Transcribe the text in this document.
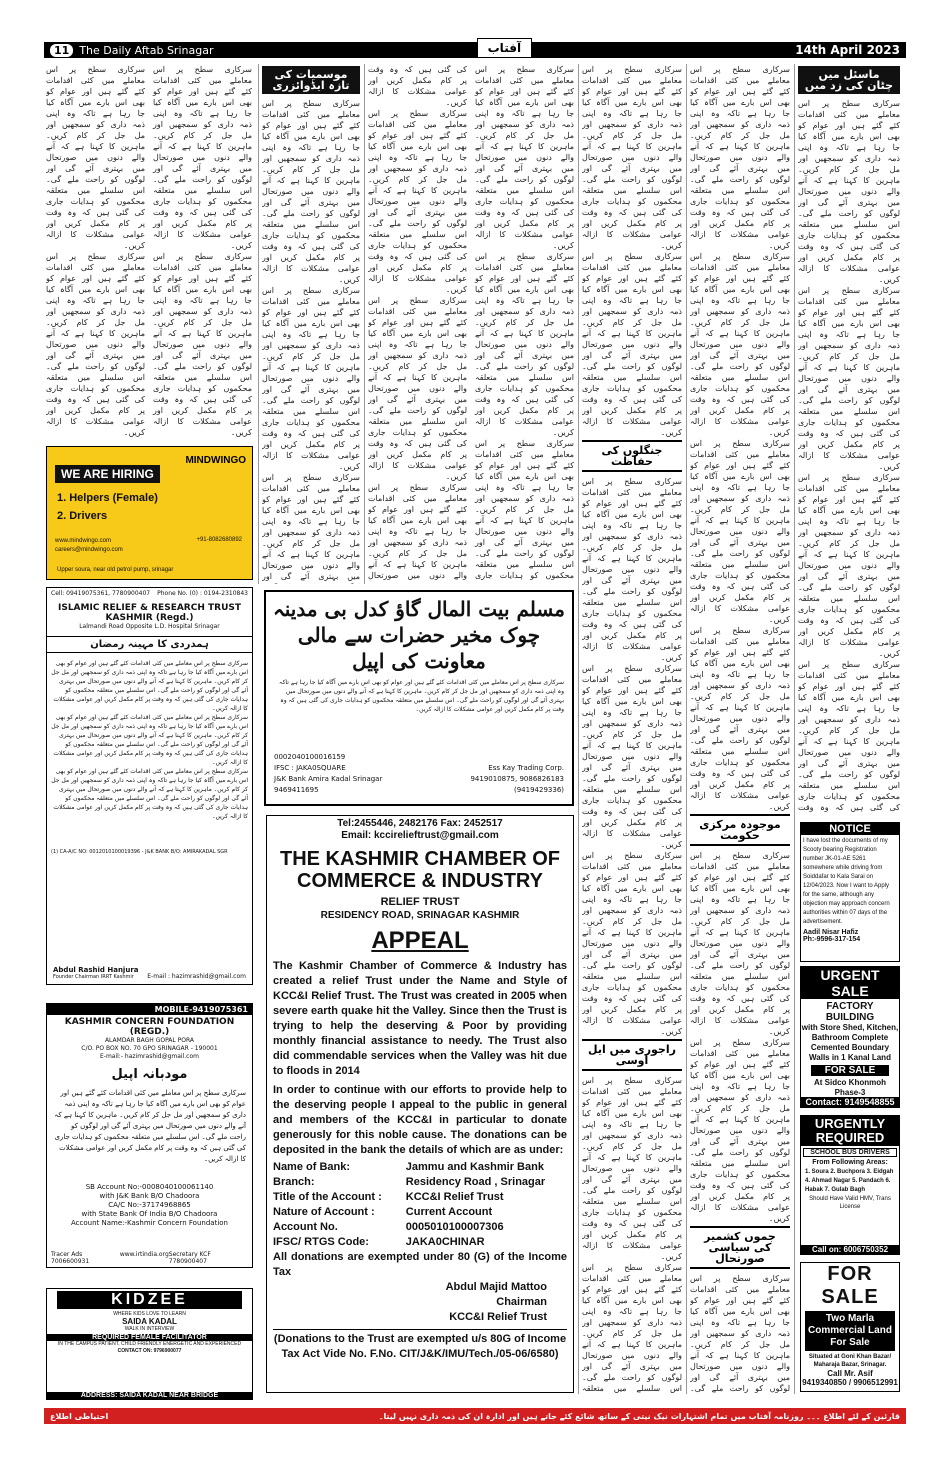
11 The Daily Aftab Srinagar	آفتاب	14th April 2023
ماسئل میں چٹان کی زد میں

سرکاری سطح پر اس معاملے میں کئی اقدامات کئے گئے ہیں اور عوام کو بھی اس بارے میں آگاہ کیا جا رہا ہے تاکہ وہ اپنی ذمہ داری کو سمجھیں اور مل جل کر کام کریں۔ ماہرین کا کہنا ہے کہ آنے والے دنوں میں صورتحال میں بہتری آئے گی اور لوگوں کو راحت ملے گی۔ اس سلسلے میں متعلقہ محکموں کو ہدایات جاری کی گئی ہیں کہ وہ وقت پر کام مکمل کریں اور عوامی مشکلات کا ازالہ کریں۔

سرکاری سطح پر اس معاملے میں کئی اقدامات کئے گئے ہیں اور عوام کو بھی اس بارے میں آگاہ کیا جا رہا ہے تاکہ وہ اپنی ذمہ داری کو سمجھیں اور مل جل کر کام کریں۔ ماہرین کا کہنا ہے کہ آنے والے دنوں میں صورتحال میں بہتری آئے گی اور لوگوں کو راحت ملے گی۔ اس سلسلے میں متعلقہ محکموں کو ہدایات جاری کی گئی ہیں کہ وہ وقت پر کام مکمل کریں اور عوامی مشکلات کا ازالہ کریں۔

سرکاری سطح پر اس معاملے میں کئی اقدامات کئے گئے ہیں اور عوام کو بھی اس بارے میں آگاہ کیا جا رہا ہے تاکہ وہ اپنی ذمہ داری کو سمجھیں اور مل جل کر کام کریں۔ ماہرین کا کہنا ہے کہ آنے والے دنوں میں صورتحال میں بہتری آئے گی اور لوگوں کو راحت ملے گی۔ اس سلسلے میں متعلقہ محکموں کو ہدایات جاری کی گئی ہیں کہ وہ وقت پر کام مکمل کریں اور عوامی مشکلات کا ازالہ کریں۔

سرکاری سطح پر اس معاملے میں کئی اقدامات کئے گئے ہیں اور عوام کو بھی اس بارے میں آگاہ کیا جا رہا ہے تاکہ وہ اپنی ذمہ داری کو سمجھیں اور مل جل کر کام کریں۔ ماہرین کا کہنا ہے کہ آنے والے دنوں میں صورتحال میں بہتری آئے گی اور لوگوں کو راحت ملے گی۔ اس سلسلے میں متعلقہ محکموں کو ہدایات جاری کی گئی ہیں کہ وہ وقت

سرکاری سطح پر اس معاملے میں کئی اقدامات کئے گئے ہیں اور عوام کو بھی اس بارے میں آگاہ کیا جا رہا ہے تاکہ وہ اپنی ذمہ داری کو سمجھیں اور مل جل کر کام کریں۔ ماہرین کا کہنا ہے کہ آنے والے دنوں میں صورتحال میں بہتری آئے گی اور لوگوں کو راحت ملے گی۔ اس سلسلے میں متعلقہ محکموں کو ہدایات جاری کی گئی ہیں کہ وہ وقت پر کام مکمل کریں اور عوامی مشکلات کا ازالہ کریں۔

سرکاری سطح پر اس معاملے میں کئی اقدامات کئے گئے ہیں اور عوام کو بھی اس بارے میں آگاہ کیا جا رہا ہے تاکہ وہ اپنی ذمہ داری کو سمجھیں اور مل جل کر کام کریں۔ ماہرین کا کہنا ہے کہ آنے والے دنوں میں صورتحال میں بہتری آئے گی اور لوگوں کو راحت ملے گی۔ اس سلسلے میں متعلقہ محکموں کو ہدایات جاری کی گئی ہیں کہ وہ وقت پر کام مکمل کریں اور عوامی مشکلات کا ازالہ کریں۔

سرکاری سطح پر اس معاملے میں کئی اقدامات کئے گئے ہیں اور عوام کو بھی اس بارے میں آگاہ کیا جا رہا ہے تاکہ وہ اپنی ذمہ داری کو سمجھیں اور مل جل کر کام کریں۔ ماہرین کا کہنا ہے کہ آنے والے دنوں میں صورتحال میں بہتری آئے گی اور لوگوں کو راحت ملے گی۔ اس سلسلے میں متعلقہ محکموں کو ہدایات جاری کی گئی ہیں کہ وہ وقت پر کام مکمل کریں اور عوامی مشکلات کا ازالہ کریں۔

سرکاری سطح پر اس معاملے میں کئی اقدامات کئے گئے ہیں اور عوام کو بھی اس بارے میں آگاہ کیا جا رہا ہے تاکہ وہ اپنی ذمہ داری کو سمجھیں اور مل جل کر کام کریں۔ ماہرین کا کہنا ہے کہ آنے والے دنوں میں صورتحال میں بہتری آئے گی اور لوگوں کو راحت ملے گی۔ اس سلسلے میں متعلقہ محکموں کو ہدایات جاری کی گئی ہیں کہ وہ وقت پر کام مکمل کریں اور عوامی مشکلات کا ازالہ کریں۔

موجودہ مرکزی حکومت

سرکاری سطح پر اس معاملے میں کئی اقدامات کئے گئے ہیں اور عوام کو بھی اس بارے میں آگاہ کیا جا رہا ہے تاکہ وہ اپنی ذمہ داری کو سمجھیں اور مل جل کر کام کریں۔ ماہرین کا کہنا ہے کہ آنے والے دنوں میں صورتحال میں بہتری آئے گی اور لوگوں کو راحت ملے گی۔ اس سلسلے میں متعلقہ محکموں کو ہدایات جاری کی گئی ہیں کہ وہ وقت پر کام مکمل کریں اور عوامی مشکلات کا ازالہ کریں۔

سرکاری سطح پر اس معاملے میں کئی اقدامات کئے گئے ہیں اور عوام کو بھی اس بارے میں آگاہ کیا جا رہا ہے تاکہ وہ اپنی ذمہ داری کو سمجھیں اور مل جل کر کام کریں۔ ماہرین کا کہنا ہے کہ آنے والے دنوں میں صورتحال میں بہتری آئے گی اور لوگوں کو راحت ملے گی۔ اس سلسلے میں متعلقہ محکموں کو ہدایات جاری کی گئی ہیں کہ وہ وقت پر کام مکمل کریں اور عوامی مشکلات کا ازالہ کریں۔

جموں کشمیر کی سیاسی صورتحال

سرکاری سطح پر اس معاملے میں کئی اقدامات کئے گئے ہیں اور عوام کو بھی اس بارے میں آگاہ کیا جا رہا ہے تاکہ وہ اپنی ذمہ داری کو سمجھیں اور مل جل کر کام کریں۔ ماہرین کا کہنا ہے کہ آنے والے دنوں میں صورتحال میں بہتری آئے گی اور لوگوں کو راحت ملے گی۔

سرکاری سطح پر اس معاملے میں کئی اقدامات کئے گئے ہیں اور عوام کو بھی اس بارے میں آگاہ کیا جا رہا ہے تاکہ وہ اپنی ذمہ داری کو سمجھیں اور مل جل کر کام کریں۔ ماہرین کا کہنا ہے کہ آنے والے دنوں میں صورتحال میں بہتری آئے گی اور لوگوں کو راحت ملے گی۔ اس سلسلے میں متعلقہ محکموں کو ہدایات جاری کی گئی ہیں کہ وہ وقت پر کام مکمل کریں اور عوامی مشکلات کا ازالہ کریں۔

سرکاری سطح پر اس معاملے میں کئی اقدامات کئے گئے ہیں اور عوام کو بھی اس بارے میں آگاہ کیا جا رہا ہے تاکہ وہ اپنی ذمہ داری کو سمجھیں اور مل جل کر کام کریں۔ ماہرین کا کہنا ہے کہ آنے والے دنوں میں صورتحال میں بہتری آئے گی اور لوگوں کو راحت ملے گی۔ اس سلسلے میں متعلقہ محکموں کو ہدایات جاری کی گئی ہیں کہ وہ وقت پر کام مکمل کریں اور عوامی مشکلات کا ازالہ کریں۔

جنگلوں کی حفاظت

سرکاری سطح پر اس معاملے میں کئی اقدامات کئے گئے ہیں اور عوام کو بھی اس بارے میں آگاہ کیا جا رہا ہے تاکہ وہ اپنی ذمہ داری کو سمجھیں اور مل جل کر کام کریں۔ ماہرین کا کہنا ہے کہ آنے والے دنوں میں صورتحال میں بہتری آئے گی اور لوگوں کو راحت ملے گی۔ اس سلسلے میں متعلقہ محکموں کو ہدایات جاری کی گئی ہیں کہ وہ وقت پر کام مکمل کریں اور عوامی مشکلات کا ازالہ کریں۔

سرکاری سطح پر اس معاملے میں کئی اقدامات کئے گئے ہیں اور عوام کو بھی اس بارے میں آگاہ کیا جا رہا ہے تاکہ وہ اپنی ذمہ داری کو سمجھیں اور مل جل کر کام کریں۔ ماہرین کا کہنا ہے کہ آنے والے دنوں میں صورتحال میں بہتری آئے گی اور لوگوں کو راحت ملے گی۔ اس سلسلے میں متعلقہ محکموں کو ہدایات جاری کی گئی ہیں کہ وہ وقت پر کام مکمل کریں اور عوامی مشکلات کا ازالہ کریں۔

سرکاری سطح پر اس معاملے میں کئی اقدامات کئے گئے ہیں اور عوام کو بھی اس بارے میں آگاہ کیا جا رہا ہے تاکہ وہ اپنی ذمہ داری کو سمجھیں اور مل جل کر کام کریں۔ ماہرین کا کہنا ہے کہ آنے والے دنوں میں صورتحال میں بہتری آئے گی اور لوگوں کو راحت ملے گی۔ اس سلسلے میں متعلقہ محکموں کو ہدایات جاری کی گئی ہیں کہ وہ وقت پر کام مکمل کریں اور عوامی مشکلات کا ازالہ کریں۔

راجوری میں ایل اوسی

سرکاری سطح پر اس معاملے میں کئی اقدامات کئے گئے ہیں اور عوام کو بھی اس بارے میں آگاہ کیا جا رہا ہے تاکہ وہ اپنی ذمہ داری کو سمجھیں اور مل جل کر کام کریں۔ ماہرین کا کہنا ہے کہ آنے والے دنوں میں صورتحال میں بہتری آئے گی اور لوگوں کو راحت ملے گی۔ اس سلسلے میں متعلقہ محکموں کو ہدایات جاری کی گئی ہیں کہ وہ وقت پر کام مکمل کریں اور عوامی مشکلات کا ازالہ کریں۔

سرکاری سطح پر اس معاملے میں کئی اقدامات کئے گئے ہیں اور عوام کو بھی اس بارے میں آگاہ کیا جا رہا ہے تاکہ وہ اپنی ذمہ داری کو سمجھیں اور مل جل کر کام کریں۔ ماہرین کا کہنا ہے کہ آنے والے دنوں میں صورتحال میں بہتری آئے گی اور لوگوں کو راحت ملے گی۔ اس سلسلے میں متعلقہ

سرکاری سطح پر اس معاملے میں کئی اقدامات کئے گئے ہیں اور عوام کو بھی اس بارے میں آگاہ کیا جا رہا ہے تاکہ وہ اپنی ذمہ داری کو سمجھیں اور مل جل کر کام کریں۔ ماہرین کا کہنا ہے کہ آنے والے دنوں میں صورتحال میں بہتری آئے گی اور لوگوں کو راحت ملے گی۔ اس سلسلے میں متعلقہ محکموں کو ہدایات جاری کی گئی ہیں کہ وہ وقت پر کام مکمل کریں اور عوامی مشکلات کا ازالہ کریں۔

سرکاری سطح پر اس معاملے میں کئی اقدامات کئے گئے ہیں اور عوام کو بھی اس بارے میں آگاہ کیا جا رہا ہے تاکہ وہ اپنی ذمہ داری کو سمجھیں اور مل جل کر کام کریں۔ ماہرین کا کہنا ہے کہ آنے والے دنوں میں صورتحال میں بہتری آئے گی اور لوگوں کو راحت ملے گی۔ اس سلسلے میں متعلقہ محکموں کو ہدایات جاری کی گئی ہیں کہ وہ وقت پر کام مکمل کریں اور عوامی مشکلات کا ازالہ کریں۔

سرکاری سطح پر اس معاملے میں کئی اقدامات کئے گئے ہیں اور عوام کو بھی اس بارے میں آگاہ کیا جا رہا ہے تاکہ وہ اپنی ذمہ داری کو سمجھیں اور مل جل کر کام کریں۔ ماہرین کا کہنا ہے کہ آنے والے دنوں میں صورتحال میں بہتری آئے گی اور لوگوں کو راحت ملے گی۔ اس سلسلے میں متعلقہ محکموں کو ہدایات جاری کی گئی ہیں کہ وہ وقت پر کام مکمل کریں اور عوامی مشکلات کا ازالہ کریں۔

سرکاری سطح پر اس معاملے میں کئی اقدامات کئے گئے ہیں اور عوام کو بھی اس بارے میں آگاہ کیا جا رہا ہے تاکہ وہ اپنی ذمہ داری کو سمجھیں اور مل جل کر کام کریں۔ ماہرین کا کہنا ہے کہ آنے والے دنوں میں صورتحال میں بہتری آئے گی اور لوگوں کو راحت ملے گی۔ اس سلسلے میں متعلقہ محکموں کو ہدایات جاری کی گئی ہیں کہ وہ وقت پر کام مکمل کریں اور عوامی مشکلات کا ازالہ کریں۔

سرکاری سطح پر اس معاملے میں کئی اقدامات کئے گئے ہیں اور عوام کو بھی اس بارے میں آگاہ کیا جا رہا ہے تاکہ وہ اپنی ذمہ داری کو سمجھیں اور مل جل کر کام کریں۔ ماہرین کا کہنا ہے کہ آنے والے دنوں میں صورتحال میں بہتری آئے گی اور لوگوں کو راحت ملے گی۔ اس سلسلے میں متعلقہ محکموں کو ہدایات جاری کی گئی ہیں کہ وہ وقت پر کام مکمل کریں اور عوامی مشکلات کا ازالہ کریں۔

سرکاری سطح پر اس معاملے میں کئی اقدامات کئے گئے ہیں اور عوام کو بھی اس بارے میں آگاہ کیا جا رہا ہے تاکہ وہ اپنی ذمہ داری کو سمجھیں اور مل جل کر کام کریں۔ ماہرین کا کہنا ہے کہ آنے والے دنوں میں صورتحال

موسمیات کی تازہ ایڈوائزری

سرکاری سطح پر اس معاملے میں کئی اقدامات کئے گئے ہیں اور عوام کو بھی اس بارے میں آگاہ کیا جا رہا ہے تاکہ وہ اپنی ذمہ داری کو سمجھیں اور مل جل کر کام کریں۔ ماہرین کا کہنا ہے کہ آنے والے دنوں میں صورتحال میں بہتری آئے گی اور لوگوں کو راحت ملے گی۔ اس سلسلے میں متعلقہ محکموں کو ہدایات جاری کی گئی ہیں کہ وہ وقت پر کام مکمل کریں اور عوامی مشکلات کا ازالہ کریں۔

سرکاری سطح پر اس معاملے میں کئی اقدامات کئے گئے ہیں اور عوام کو بھی اس بارے میں آگاہ کیا جا رہا ہے تاکہ وہ اپنی ذمہ داری کو سمجھیں اور مل جل کر کام کریں۔ ماہرین کا کہنا ہے کہ آنے والے دنوں میں صورتحال میں بہتری آئے گی اور لوگوں کو راحت ملے گی۔ اس سلسلے میں متعلقہ محکموں کو ہدایات جاری کی گئی ہیں کہ وہ وقت پر کام مکمل کریں اور عوامی مشکلات کا ازالہ کریں۔

سرکاری سطح پر اس معاملے میں کئی اقدامات کئے گئے ہیں اور عوام کو بھی اس بارے میں آگاہ کیا جا رہا ہے تاکہ وہ اپنی ذمہ داری کو سمجھیں اور مل جل کر کام کریں۔ ماہرین کا کہنا ہے کہ آنے والے دنوں میں صورتحال میں بہتری آئے گی اور

سرکاری سطح پر اس معاملے میں کئی اقدامات کئے گئے ہیں اور عوام کو بھی اس بارے میں آگاہ کیا جا رہا ہے تاکہ وہ اپنی ذمہ داری کو سمجھیں اور مل جل کر کام کریں۔ ماہرین کا کہنا ہے کہ آنے والے دنوں میں صورتحال میں بہتری آئے گی اور لوگوں کو راحت ملے گی۔ اس سلسلے میں متعلقہ محکموں کو ہدایات جاری کی گئی ہیں کہ وہ وقت پر کام مکمل کریں اور عوامی مشکلات کا ازالہ کریں۔

سرکاری سطح پر اس معاملے میں کئی اقدامات کئے گئے ہیں اور عوام کو بھی اس بارے میں آگاہ کیا جا رہا ہے تاکہ وہ اپنی ذمہ داری کو سمجھیں اور مل جل کر کام کریں۔ ماہرین کا کہنا ہے کہ آنے والے دنوں میں صورتحال میں بہتری آئے گی اور لوگوں کو راحت ملے گی۔ اس سلسلے میں متعلقہ محکموں کو ہدایات جاری کی گئی ہیں کہ وہ وقت پر کام مکمل کریں اور عوامی مشکلات کا ازالہ کریں۔

سرکاری سطح پر اس معاملے میں کئی اقدامات کئے گئے ہیں اور عوام کو بھی اس بارے میں آگاہ کیا جا رہا ہے تاکہ وہ اپنی ذمہ داری کو سمجھیں اور مل جل کر کام کریں۔ ماہرین کا کہنا ہے کہ آنے والے دنوں میں صورتحال میں بہتری آئے گی اور لوگوں کو راحت ملے گی۔ اس سلسلے میں متعلقہ محکموں کو ہدایات جاری کی گئی ہیں کہ وہ وقت پر کام مکمل کریں اور عوامی مشکلات کا ازالہ کریں۔

سرکاری سطح پر اس معاملے میں کئی اقدامات کئے گئے ہیں اور عوام کو بھی اس بارے میں آگاہ کیا جا رہا ہے تاکہ وہ اپنی ذمہ داری کو سمجھیں اور مل جل کر کام کریں۔ ماہرین کا کہنا ہے کہ آنے والے دنوں میں صورتحال میں بہتری آئے گی اور لوگوں کو راحت ملے گی۔ اس سلسلے میں متعلقہ محکموں کو ہدایات جاری کی گئی ہیں کہ وہ وقت پر کام مکمل کریں اور عوامی مشکلات کا ازالہ کریں۔

MINDWINGO
WE ARE HIRING
1. Helpers (Female)
2. Drivers
www.mindwingo.com
careers@mindwingo.com
+91-8082680892
Upper soura, near old petrol pump, srinagar
Cell: 09419075361, 7780900407 Phone No. (0) : 0194-2310843
ISLAMIC RELIEF & RESEARCH TRUST KASHMIR (Regd.)
Lalmandi Road Opposite L.D. Hospital Srinagar
ہمدردی کا مہینہ رمضان

سرکاری سطح پر اس معاملے میں کئی اقدامات کئے گئے ہیں اور عوام کو بھی اس بارے میں آگاہ کیا جا رہا ہے تاکہ وہ اپنی ذمہ داری کو سمجھیں اور مل جل کر کام کریں۔ ماہرین کا کہنا ہے کہ آنے والے دنوں میں صورتحال میں بہتری آئے گی اور لوگوں کو راحت ملے گی۔ اس سلسلے میں متعلقہ محکموں کو ہدایات جاری کی گئی ہیں کہ وہ وقت پر کام مکمل کریں اور عوامی مشکلات کا ازالہ کریں۔

سرکاری سطح پر اس معاملے میں کئی اقدامات کئے گئے ہیں اور عوام کو بھی اس بارے میں آگاہ کیا جا رہا ہے تاکہ وہ اپنی ذمہ داری کو سمجھیں اور مل جل کر کام کریں۔ ماہرین کا کہنا ہے کہ آنے والے دنوں میں صورتحال میں بہتری آئے گی اور لوگوں کو راحت ملے گی۔ اس سلسلے میں متعلقہ محکموں کو ہدایات جاری کی گئی ہیں کہ وہ وقت پر کام مکمل کریں اور عوامی مشکلات کا ازالہ کریں۔

سرکاری سطح پر اس معاملے میں کئی اقدامات کئے گئے ہیں اور عوام کو بھی اس بارے میں آگاہ کیا جا رہا ہے تاکہ وہ اپنی ذمہ داری کو سمجھیں اور مل جل کر کام کریں۔ ماہرین کا کہنا ہے کہ آنے والے دنوں میں صورتحال میں بہتری آئے گی اور لوگوں کو راحت ملے گی۔ اس سلسلے میں متعلقہ محکموں کو ہدایات جاری کی گئی ہیں کہ وہ وقت پر کام مکمل کریں اور عوامی مشکلات کا ازالہ کریں۔

(1) CA-A/C NO: 0012010100019396 - J&K BANK B/O: AMIRAKADAL SGR
Abdul Rashid Hanjura
Founder Chairman IRRT Kashmir	E-mail : hazimrashid@gmail.com
MOBILE-9419075361
KASHMIR CONCERN FOUNDATION (REGD.)
ALAMDAR BAGH GOPAL PORA
C/O. PO BOX NO. 70 GPO SRINAGAR - 190001
E-mail:- hazimrashid@gmail.com
مودبانہ اپیل

سرکاری سطح پر اس معاملے میں کئی اقدامات کئے گئے ہیں اور عوام کو بھی اس بارے میں آگاہ کیا جا رہا ہے تاکہ وہ اپنی ذمہ داری کو سمجھیں اور مل جل کر کام کریں۔ ماہرین کا کہنا ہے کہ آنے والے دنوں میں صورتحال میں بہتری آئے گی اور لوگوں کو راحت ملے گی۔ اس سلسلے میں متعلقہ محکموں کو ہدایات جاری کی گئی ہیں کہ وہ وقت پر کام مکمل کریں اور عوامی مشکلات کا ازالہ کریں۔

SB Account No:-0008040100061140
with J&K Bank B/O Chadoora
CA/C No:-37174968865
with State Bank Of India B/O Chadoora
Account Name:-Kashmir Concern Foundation
Tracer Ads 7006600931
www.irtindia.org Secretary KCF 7780900407
KIDZEE
WHERE KIDS LOVE TO LEARN
SAIDA KADAL
WALK IN INTERVIEW
REQUIRED FEMALE FACILITATOR
IN THE CAMPUS PATIENT, CHILD FRIENDLY ENERGETIC AND EXPERIENCED
CONTACT ON: 9796900077
ADDRESS: SAIDA KADAL NEAR BRIDGE
مسلم بیت المال گاؤ کدل بی مدینہ چوک مخیر حضرات سے مالی معاونت کی اپیل

سرکاری سطح پر اس معاملے میں کئی اقدامات کئے گئے ہیں اور عوام کو بھی اس بارے میں آگاہ کیا جا رہا ہے تاکہ وہ اپنی ذمہ داری کو سمجھیں اور مل جل کر کام کریں۔ ماہرین کا کہنا ہے کہ آنے والے دنوں میں صورتحال میں بہتری آئے گی اور لوگوں کو راحت ملے گی۔ اس سلسلے میں متعلقہ محکموں کو ہدایات جاری کی گئی ہیں کہ وہ وقت پر کام مکمل کریں اور عوامی مشکلات کا ازالہ کریں۔

0002040100016159
IFSC : JAKA0SQUARE
J&K Bank Amira Kadal Srinagar
9469411695
Ess Kay Trading Corp.
9419010875, 9086826183
(9419429336)
Tel:2455446, 2482176 Fax: 2452517
Email: kccirelieftrust@gmail.com
THE KASHMIR CHAMBER OF COMMERCE & INDUSTRY
RELIEF TRUST
RESIDENCY ROAD, SRINAGAR KASHMIR
APPEAL

The Kashmir Chamber of Commerce & Industry has created a relief Trust under the Name and Style of KCC&I Relief Trust. The Trust was created in 2005 when severe earth quake hit the Valley. Since then the Trust is trying to help the deserving & Poor by providing monthly financial assistance to needy. The Trust also did commendable services when the Valley was hit due to floods in 2014

In order to continue with our efforts to provide help to the deserving people I appeal to the public in general and members of the KCC&I in particular to donate generously for this noble cause. The donations can be deposited in the bank the details of which are as under:

Name of Bank:	Jammu and Kashmir Bank
Branch:	Residency Road , Srinagar
Title of the Account :	KCC&I Relief Trust
Nature of Account :	Current Account
Account No.	0005010100007306
IFSC/ RTGS Code:	JAKA0CHINAR
All donations are exempted under 80 (G) of the Income Tax
Abdul Majid Mattoo
Chairman
KCC&I Relief Trust
(Donations to the Trust are exempted u/s 80G of Income Tax Act Vide No. F.No. CIT/J&K/IMU/Tech./05-06/6580)
NOTICE
I have lost the documents of my Scooty bearing Registration number JK-01-AE 5261 somewhere while driving from Soiddafar to Kala Sarai on 12/04/2023. Now I want to Apply for the same, although any objection may approach concern authorities within 07 days of the advertisement.
Aadil Nisar Hafiz
Ph:-9596-317-154
URGENT SALE
FACTORY BUILDING
with Store Shed, Kitchen, Bathroom Complete Cemented Boundary Walls in 1 Kanal Land
FOR SALE
At Sidco Khonmoh Phase-3
Contact: 9149548855
URGENTLY REQUIRED
SCHOOL BUS DRIVERS
From Following Areas:
1. Soura 2. Buchpora 3. Eidgah 4. Ahmad Nagar 5. Pandach 6. Habak 7. Gulab Bagh
Should Have Valid HMV, Trans License
Call on: 6006750352
FOR SALE
Two Marla Commercial Land For Sale
Situated at Goni Khan Bazar/ Maharaja Bazar, Srinagar.
Call Mr. Asif
9419340850 / 9906512991
قارئین کے لئے اطلاع ۔۔۔ روزنامہ آفتاب میں تمام اشتہارات نیک نیتی کے ساتھ شائع کئے جاتے ہیں اور ادارہ ان کی ذمہ داری نہیں لیتا۔
احتیاطی اطلاع
